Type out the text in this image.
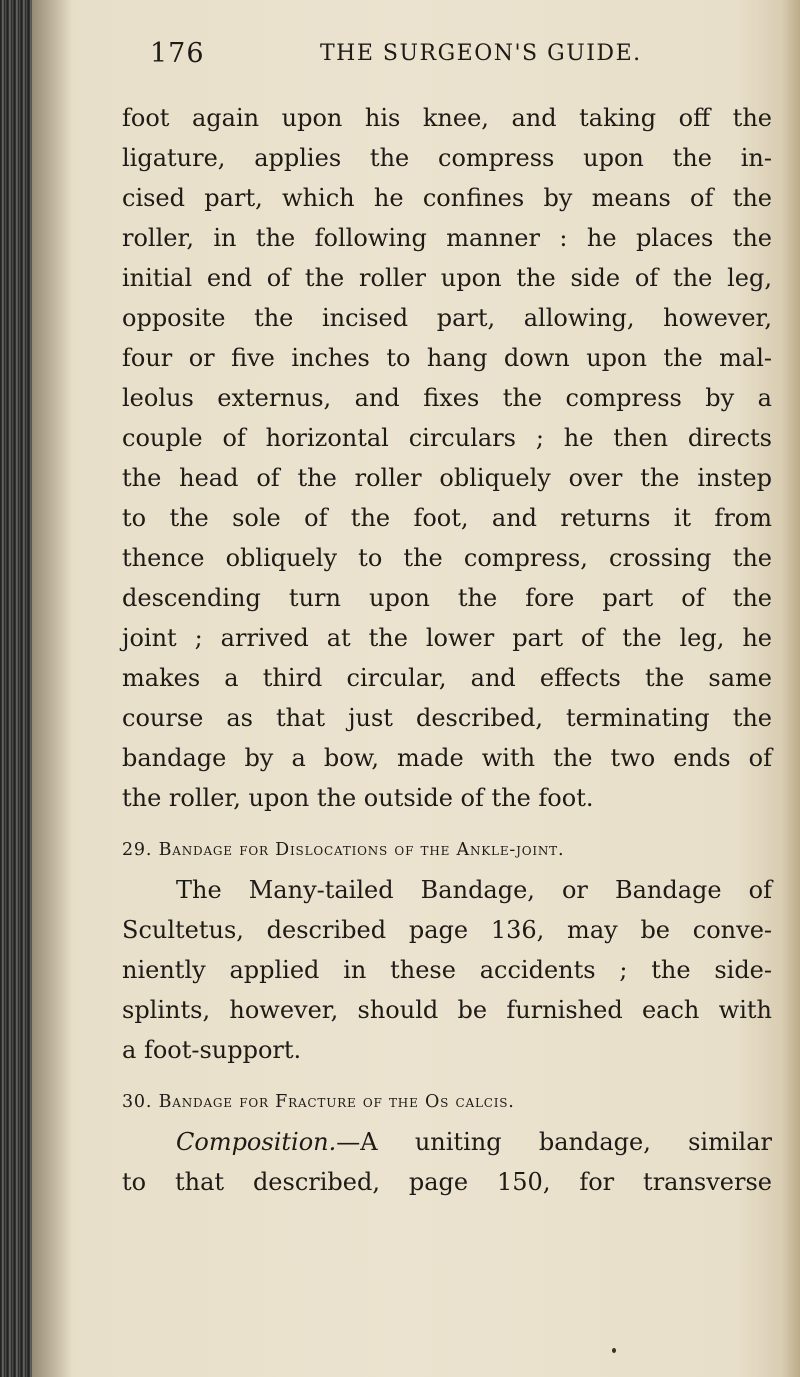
176	THE SURGEON'S GUIDE.
foot again upon his knee, and taking off the
ligature, applies the compress upon the in-
cised part, which he confines by means of the
roller, in the following manner : he places the
initial end of the roller upon the side of the leg,
opposite the incised part, allowing, however,
four or five inches to hang down upon the mal-
leolus externus, and fixes the compress by a
couple of horizontal circulars ; he then directs
the head of the roller obliquely over the instep
to the sole of the foot, and returns it from
thence obliquely to the compress, crossing the
descending turn upon the fore part of the
joint ; arrived at the lower part of the leg, he
makes a third circular, and effects the same
course as that just described, terminating the
bandage by a bow, made with the two ends of
the roller, upon the outside of the foot.
29. Bandage for Dislocations of the Ankle-joint.
The Many-tailed Bandage, or Bandage of
Scultetus, described page 136, may be conve-
niently applied in these accidents ; the side-
splints, however, should be furnished each with
a foot-support.
30. Bandage for Fracture of the Os calcis.
Composition.—A uniting bandage, similar
to that described, page 150, for transverse
